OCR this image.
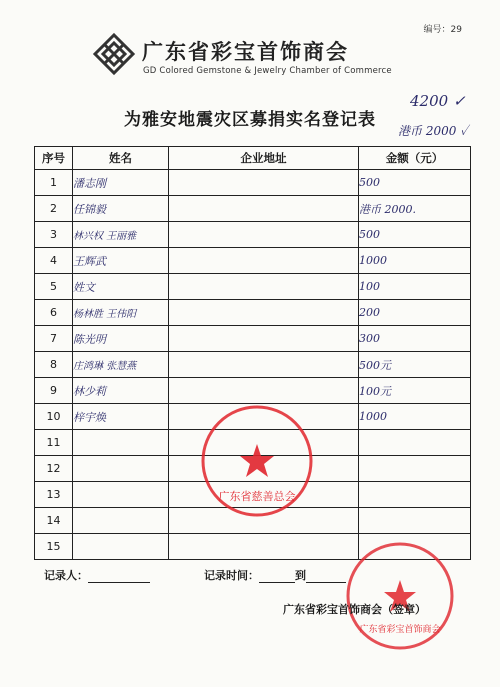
编号：29
广东省彩宝首饰商会
GD Colored Gemstone & Jewelry Chamber of Commerce
为雅安地震灾区募捐实名登记表
4200 ✓
港币 2000 ✓
序号	姓名	企业地址	金额（元）
1	潘志刚		500
2	任锦毅		港币 2000.
3	林兴权 王丽雅		500
4	王辉武		1000
5	姓文		100
6	杨林胜 王伟阳		200
7	陈光明		300
8	庄鸿琳 张慧燕		500元
9	林少莉		100元
10	梓宇焕		1000
11			
12			
13			
14			
15			
广东省慈善总会
广东省彩宝首饰商会
记录人：	记录时间：	到
广东省彩宝首饰商会（签章）
